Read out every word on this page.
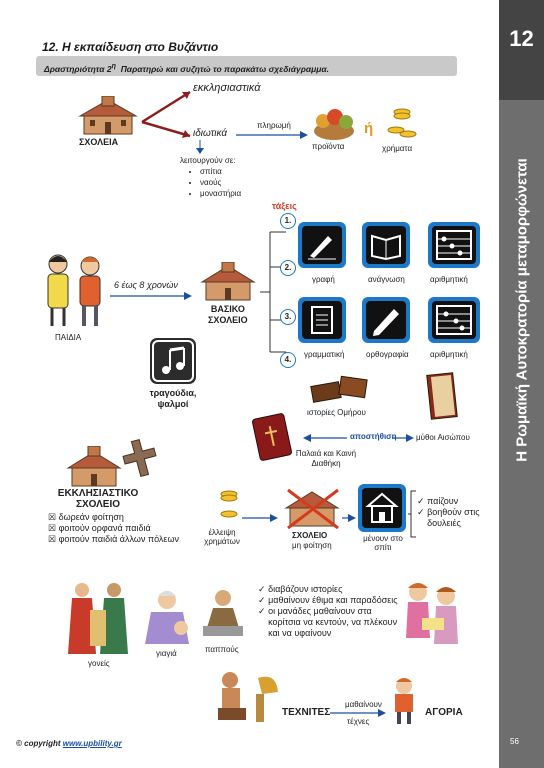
12
Η Ρωμαϊκή Αυτοκρατορία μεταμορφώνεται
12. Η εκπαίδευση στο Βυζάντιο
Δραστηριότητα $2^\eta$ Παρατηρώ και συζητώ το παρακάτω σχεδιάγραμμα.
ΣΧΟΛΕΙΑ
εκκλησιαστικά
ιδιωτικά
πληρωμή
προϊόντα
ή
χρήματα
λειτουργούν σε:
• σπίτια
• ναούς
• μοναστήρια
τάξεις
ΠΑΙΔΙΑ
6 έως 8 χρονών
ΒΑΣΙΚΟ
ΣΧΟΛΕΙΟ
1.
2.
3.
4.
γραφή	ανάγνωση	αριθμητική
γραμματική	ορθογραφία	αριθμητική
τραγούδια, ψαλμοί
ιστορίες Ομήρου
αποστήθιση μύθοι Αισώπου
Παλαιά και Καινή Διαθήκη
ΕΚΚΛΗΣΙΑΣΤΙΚΟ
ΣΧΟΛΕΙΟ
☒ δωρεάν φοίτηση
☒ φοιτούν ορφανά παιδιά
☒ φοιτούν παιδιά άλλων πόλεων
έλλειψη χρημάτων
ΣΧΟΛΕΙΟ
μη φοίτηση
μένουν στο σπίτι
✓ παίζουν
✓
βοηθούν στις δουλειές
γονείς
γιαγιά	παππούς
✓
διαβάζουν ιστορίες
✓
μαθαίνουν έθιμα και παραδόσεις
✓
οι μανάδες μαθαίνουν στα κορίτσια να κεντούν, να πλέκουν και να υφαίνουν
ΤΕΧΝΙΤΕΣ
μαθαίνουν
τέχνες
ΑΓΟΡΙΑ
© copyright www.upbility.gr	56
